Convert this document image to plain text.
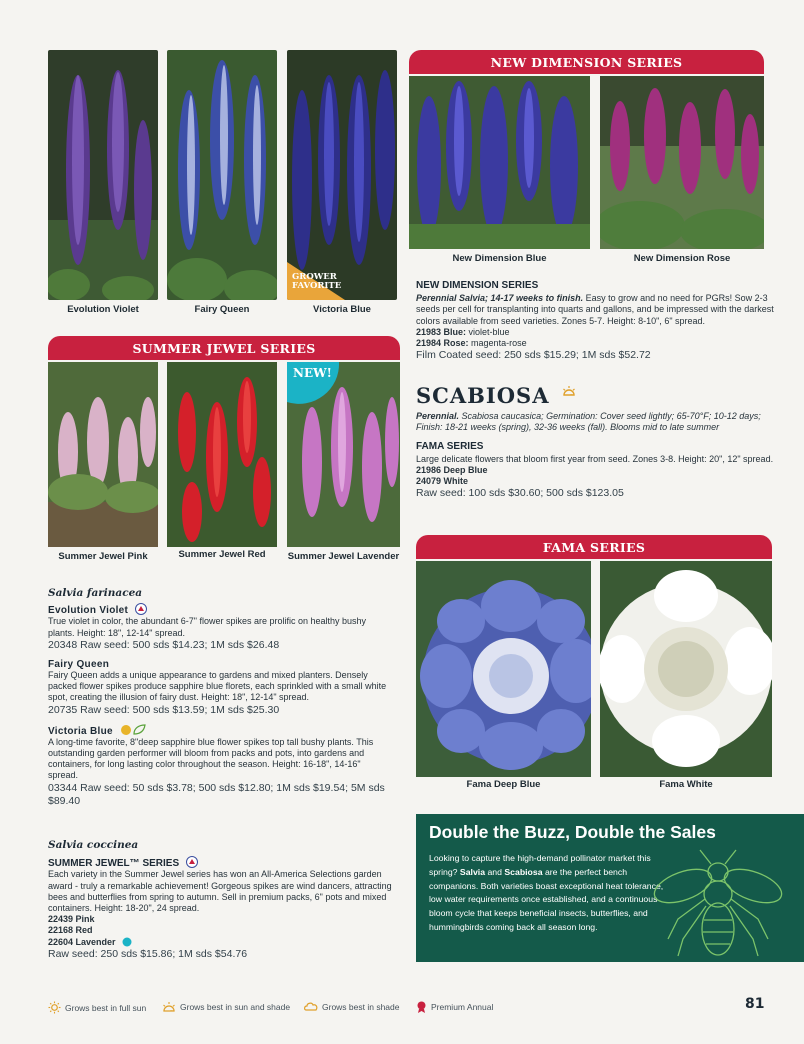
Evolution Violet	Fairy Queen
GROWER FAVORITE
Victoria Blue
NEW DIMENSION SERIES
New Dimension Blue	New Dimension Rose

NEW DIMENSION SERIES

Perennial Salvia; 14-17 weeks to finish. Easy to grow and no need for PGRs! Sow 2-3 seeds per cell for transplanting into quarts and gallons, and be impressed with the darkest colors available from seed varieties. Zones 5-7. Height: 8-10", 6" spread.

21983 Blue: violet-blue

21984 Rose: magenta-rose

Film Coated seed: 250 sds $15.29; 1M sds $52.72

SCABIOSA

Perennial. Scabiosa caucasica; Germination: Cover seed lightly; 65-70°F; 10-12 days; Finish: 18-21 weeks (spring), 32-36 weeks (fall). Blooms mid to late summer

FAMA SERIES

Large delicate flowers that bloom first year from seed. Zones 3-8. Height: 20", 12" spread.

21986 Deep Blue

24079 White

Raw seed: 100 sds $30.60; 500 sds $123.05

FAMA SERIES
Fama Deep Blue	Fama White
SUMMER JEWEL SERIES
Summer Jewel Pink	Summer Jewel Red
NEW!
Summer Jewel Lavender

Salvia farinacea

Evolution Violet

True violet in color, the abundant 6-7" flower spikes are prolific on healthy bushy plants. Height: 18", 12-14" spread.

20348 Raw seed: 500 sds $14.23; 1M sds $26.48

Fairy Queen

Fairy Queen adds a unique appearance to gardens and mixed planters. Densely packed flower spikes produce sapphire blue florets, each sprinkled with a small white spot, creating the illusion of fairy dust. Height: 18", 12-14" spread.

20735 Raw seed: 500 sds $13.59; 1M sds $25.30

Victoria Blue

A long-time favorite, 8"deep sapphire blue flower spikes top tall bushy plants. This outstanding garden performer will bloom from packs and pots, into gardens and containers, for long lasting color throughout the season. Height: 16-18", 14-16" spread.

03344 Raw seed: 50 sds $3.78; 500 sds $12.80; 1M sds $19.54; 5M sds $89.40

Salvia coccinea

SUMMER JEWEL™ SERIES

Each variety in the Summer Jewel series has won an All-America Selections garden award - truly a remarkable achievement! Gorgeous spikes are wind dancers, attracting bees and butterflies from spring to autumn. Sell in premium packs, 6" pots and mixed containers. Height: 18-20", 24 spread.

22439 Pink

22168 Red

22604 Lavender

Raw seed: 250 sds $15.86; 1M sds $54.76

Double the Buzz, Double the Sales
Looking to capture the high-demand pollinator market this spring? Salvia and Scabiosa are the perfect bench companions. Both varieties boast exceptional heat tolerance, low water requirements once established, and a continuous bloom cycle that keeps beneficial insects, butterflies, and hummingbirds coming back all season long.
Grows best in full sun	Grows best in sun and shade	Grows best in shade	Premium Annual	81
